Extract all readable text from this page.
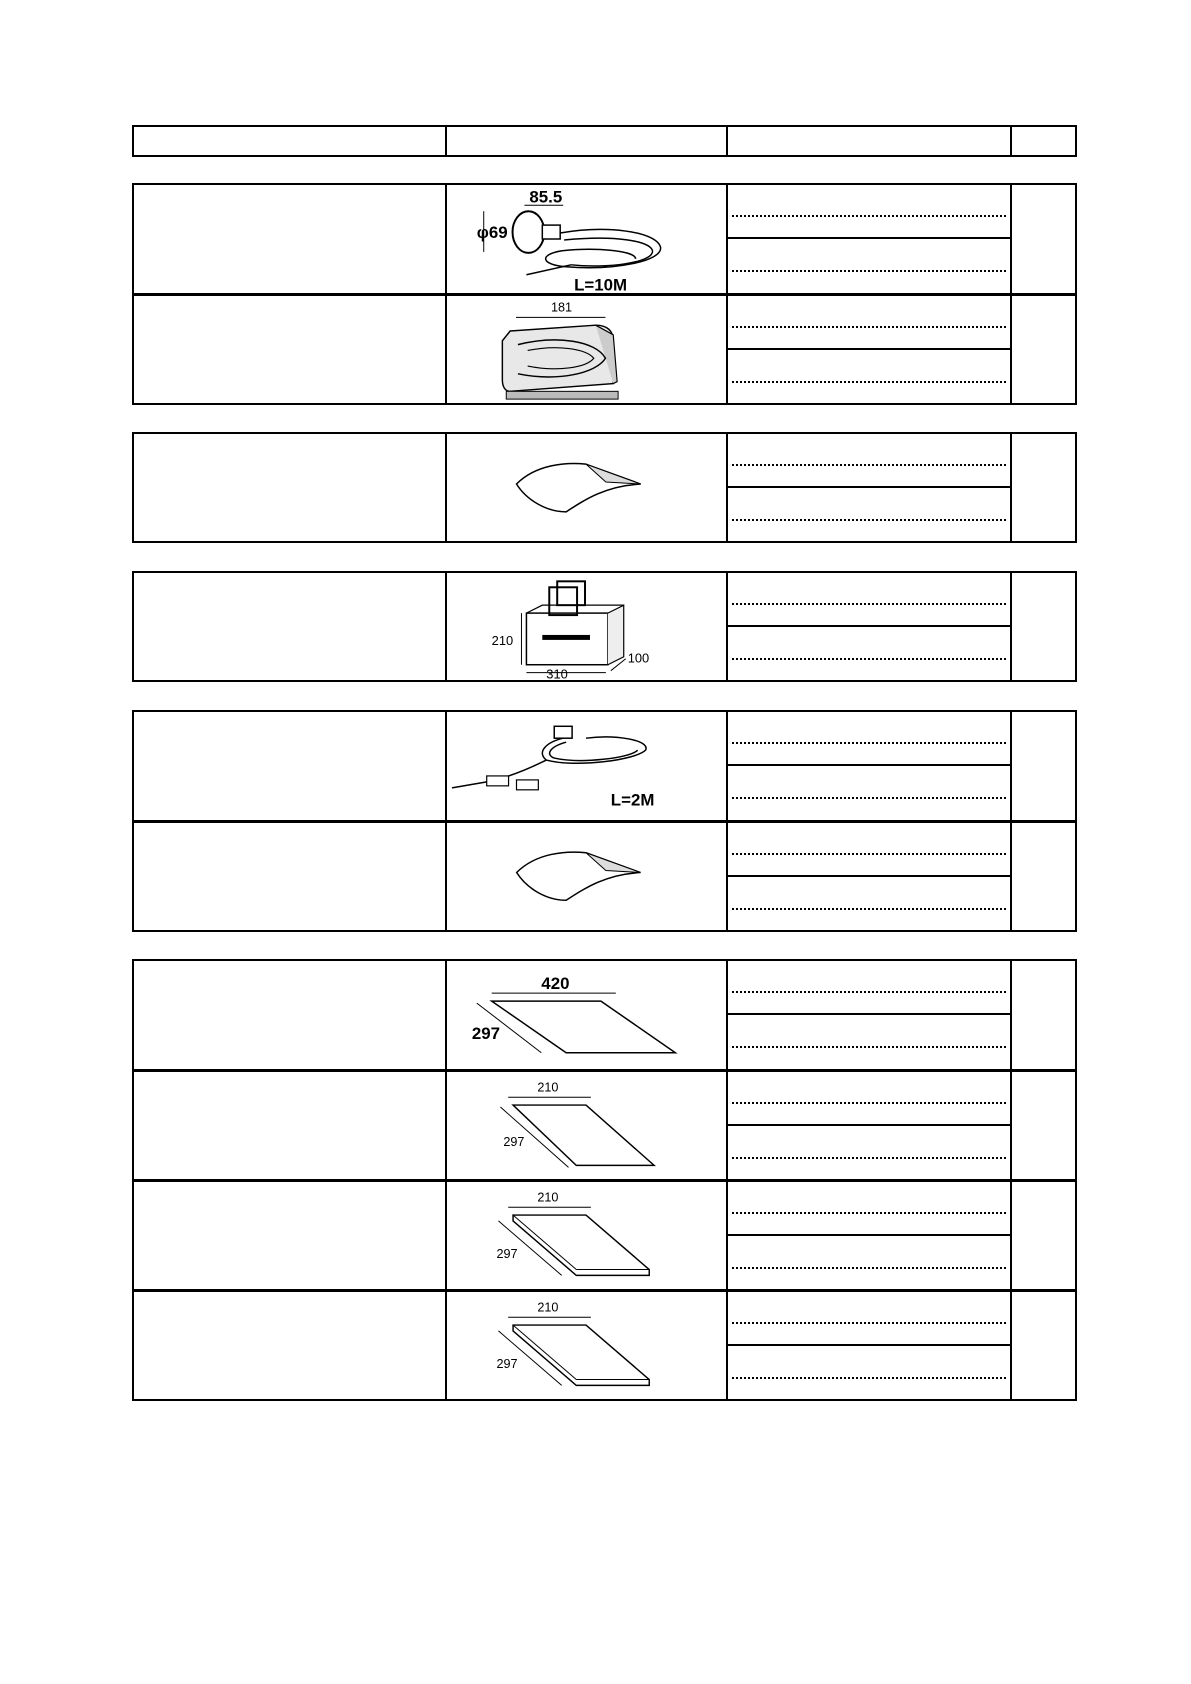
85.5
φ69
L=10M
181
210
310
100
L=2M
420
297
210
297
210
297
210
297
